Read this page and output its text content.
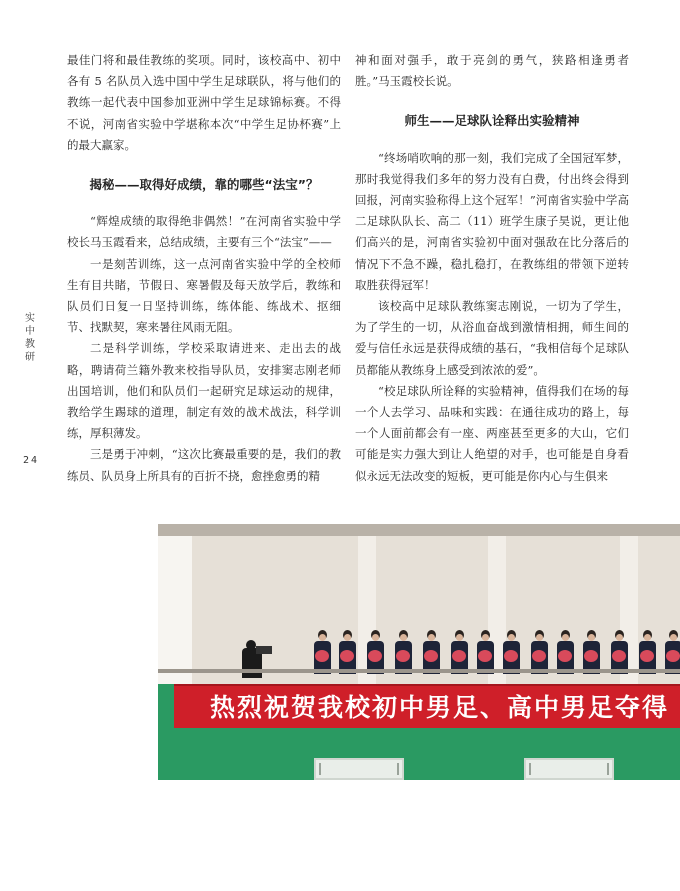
最佳门将和最佳教练的奖项。同时，该校高中、初中各有 5 名队员入选中国中学生足球联队，将与他们的教练一起代表中国参加亚洲中学生足球锦标赛。不得不说，河南省实验中学堪称本次“中学生足协杯赛”上的最大赢家。

揭秘——取得好成绩，靠的哪些“法宝”？

“辉煌成绩的取得绝非偶然！”在河南省实验中学校长马玉霞看来，总结成绩，主要有三个“法宝”——

一是刻苦训练，这一点河南省实验中学的全校师生有目共睹，节假日、寒暑假及每天放学后，教练和队员们日复一日坚持训练，练体能、练战术、抠细节、找默契，寒来暑往风雨无阻。

二是科学训练，学校采取请进来、走出去的战略，聘请荷兰籍外教来校指导队员，安排窦志刚老师出国培训，他们和队员们一起研究足球运动的规律，教给学生踢球的道理，制定有效的战术战法，科学训练，厚积薄发。

三是勇于冲刺，“这次比赛最重要的是，我们的教练员、队员身上所具有的百折不挠，愈挫愈勇的精

神和面对强手，敢于亮剑的勇气，狭路相逢勇者胜。”马玉霞校长说。

师生——足球队诠释出实验精神

“终场哨吹响的那一刻，我们完成了全国冠军梦，那时我觉得我们多年的努力没有白费，付出终会得到回报，河南实验称得上这个冠军！”河南省实验中学高二足球队队长、高二（11）班学生康子昊说，更让他们高兴的是，河南省实验初中面对强敌在比分落后的情况下不急不躁，稳扎稳打，在教练组的带领下逆转取胜获得冠军！

该校高中足球队教练窦志刚说，一切为了学生，为了学生的一切，从浴血奋战到激情相拥，师生间的爱与信任永远是获得成绩的基石，“我相信每个足球队员都能从教练身上感受到浓浓的爱”。

“校足球队所诠释的实验精神，值得我们在场的每一个人去学习、品味和实践：在通往成功的路上，每一个人面前都会有一座、两座甚至更多的大山，它们可能是实力强大到让人绝望的对手，也可能是自身看似永远无法改变的短板，更可能是你内心与生俱来

实
中
教
研
24
热烈祝贺我校初中男足、高中男足夺得
